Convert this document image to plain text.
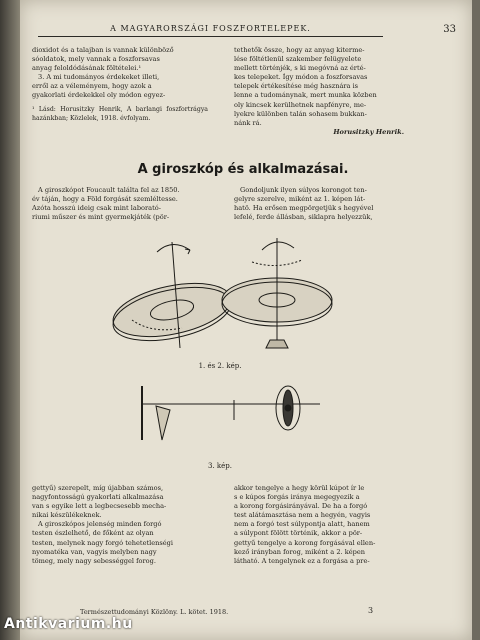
A MAGYARORSZÁGI FOSZFORTELEPEK.	33

dioxidot és a talajban is vannak különböző

sóoldatok, mely vannak a foszforsavas

anyag feloldódásának föltételei.¹

3. A mi tudományos érdekeket illeti,

erről az a véleményem, hogy azok a

gyakorlati érdekekkel oly módon egyez-

¹ Lásd: Horusitzky Henrik, A barlangi foszfortrágya hazánkban; Közlelek, 1918. évfolyam.

tethetők össze, hogy az anyag kiterme-

lése föltétlenül szakember felügyelete

mellett történjék, s ki megóvná az érté-

kes telepeket. Így módon a foszforsavas

telepek értékesítése még hasznára is

lenne a tudománynak, mert munka közben

oly kincsek kerülhetnek napfényre, me-

lyekre különben talán sohasem bukkan-

nánk rá.

Horusitzky Henrik.

A giroszkóp és alkalmazásai.

A giroszkópot Foucault találta fel az 1850.

év táján, hogy a Föld forgását szemléltesse.

Azóta hosszú ideig csak mint laborató-

riumi műszer és mint gyermekjáték (pör-

Gondoljunk ilyen súlyos korongot ten-

gelyre szerelve, miként az 1. képen lát-

hatö. Ha erősen megpörgetjük s hegyével

lefelé, ferde állásban, siklapra helyezzük,

1. és 2. kép.
3. kép.

gettyű) szerepelt, míg újabban számos,

nagyfontosságú gyakorlati alkalmazása

van s egyike lett a legbecsesebb mecha-

nikai készülékeknek.

A giroszkópos jelenség minden forgó

testen észlelhető, de főként az olyan

testen, melynek nagy forgó tehetetlenségi

nyomatéka van, vagyis melyben nagy

tömeg, mely nagy sebességgel forog.

akkor tengelye a hegy körül kúpot ír le

s e kúpos forgás iránya megegyezik a

a korong forgásirányával. De ha a forgó

test alátámasztása nem a hegyén, vagyis

nem a forgó test súlypontja alatt, hanem

a súlypont fölött történik, akkor a pör-

gettyű tengelye a korong forgásával ellen-

kező irányban forog, miként a 2. képen

látható. A tengelynek ez a forgása a pre-

Természettudományi Közlöny. L. kötet. 1918.	3
Antikvarium.hu
